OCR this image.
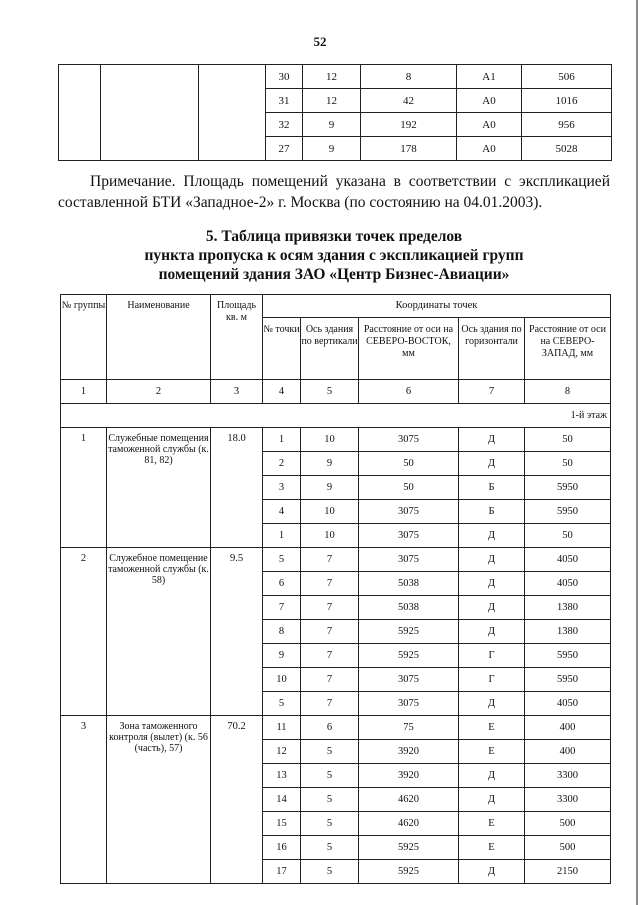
52
			30	12	8	A1	506
			31	12	42	A0	1016
			32	9	192	A0	956
			27	9	178	A0	5028
Примечание. Площадь помещений указана в соответствии с экспликацией
составленной БТИ «Западное-2» г. Москва (по состоянию на 04.01.2003).
5. Таблица привязки точек пределов
пункта пропуска к осям здания с экспликацией групп
помещений здания ЗАО «Центр Бизнес-Авиации»
№ группы	Наименование	Площадь кв. м	Координаты точек				
			№ точки	Ось здания по вертикали	Расстояние от оси на СЕВЕРО-ВОСТОК, мм	Ось здания по горизонтали	Расстояние от оси на СЕВЕРО-ЗАПАД, мм
1	2	3	4	5	6	7	8
1-й этаж							
1	Служебные помещения таможенной службы (к. 81, 82)	18.0	1	10	3075	Д	50
			2	9	50	Д	50
			3	9	50	Б	5950
			4	10	3075	Б	5950
			1	10	3075	Д	50
2	Служебное помещение таможенной службы (к. 58)	9.5	5	7	3075	Д	4050
			6	7	5038	Д	4050
			7	7	5038	Д	1380
			8	7	5925	Д	1380
			9	7	5925	Г	5950
			10	7	3075	Г	5950
			5	7	3075	Д	4050
3	Зона таможенного контроля (вылет) (к. 56 (часть), 57)	70.2	11	6	75	Е	400
			12	5	3920	Е	400
			13	5	3920	Д	3300
			14	5	4620	Д	3300
			15	5	4620	Е	500
			16	5	5925	Е	500
			17	5	5925	Д	2150
